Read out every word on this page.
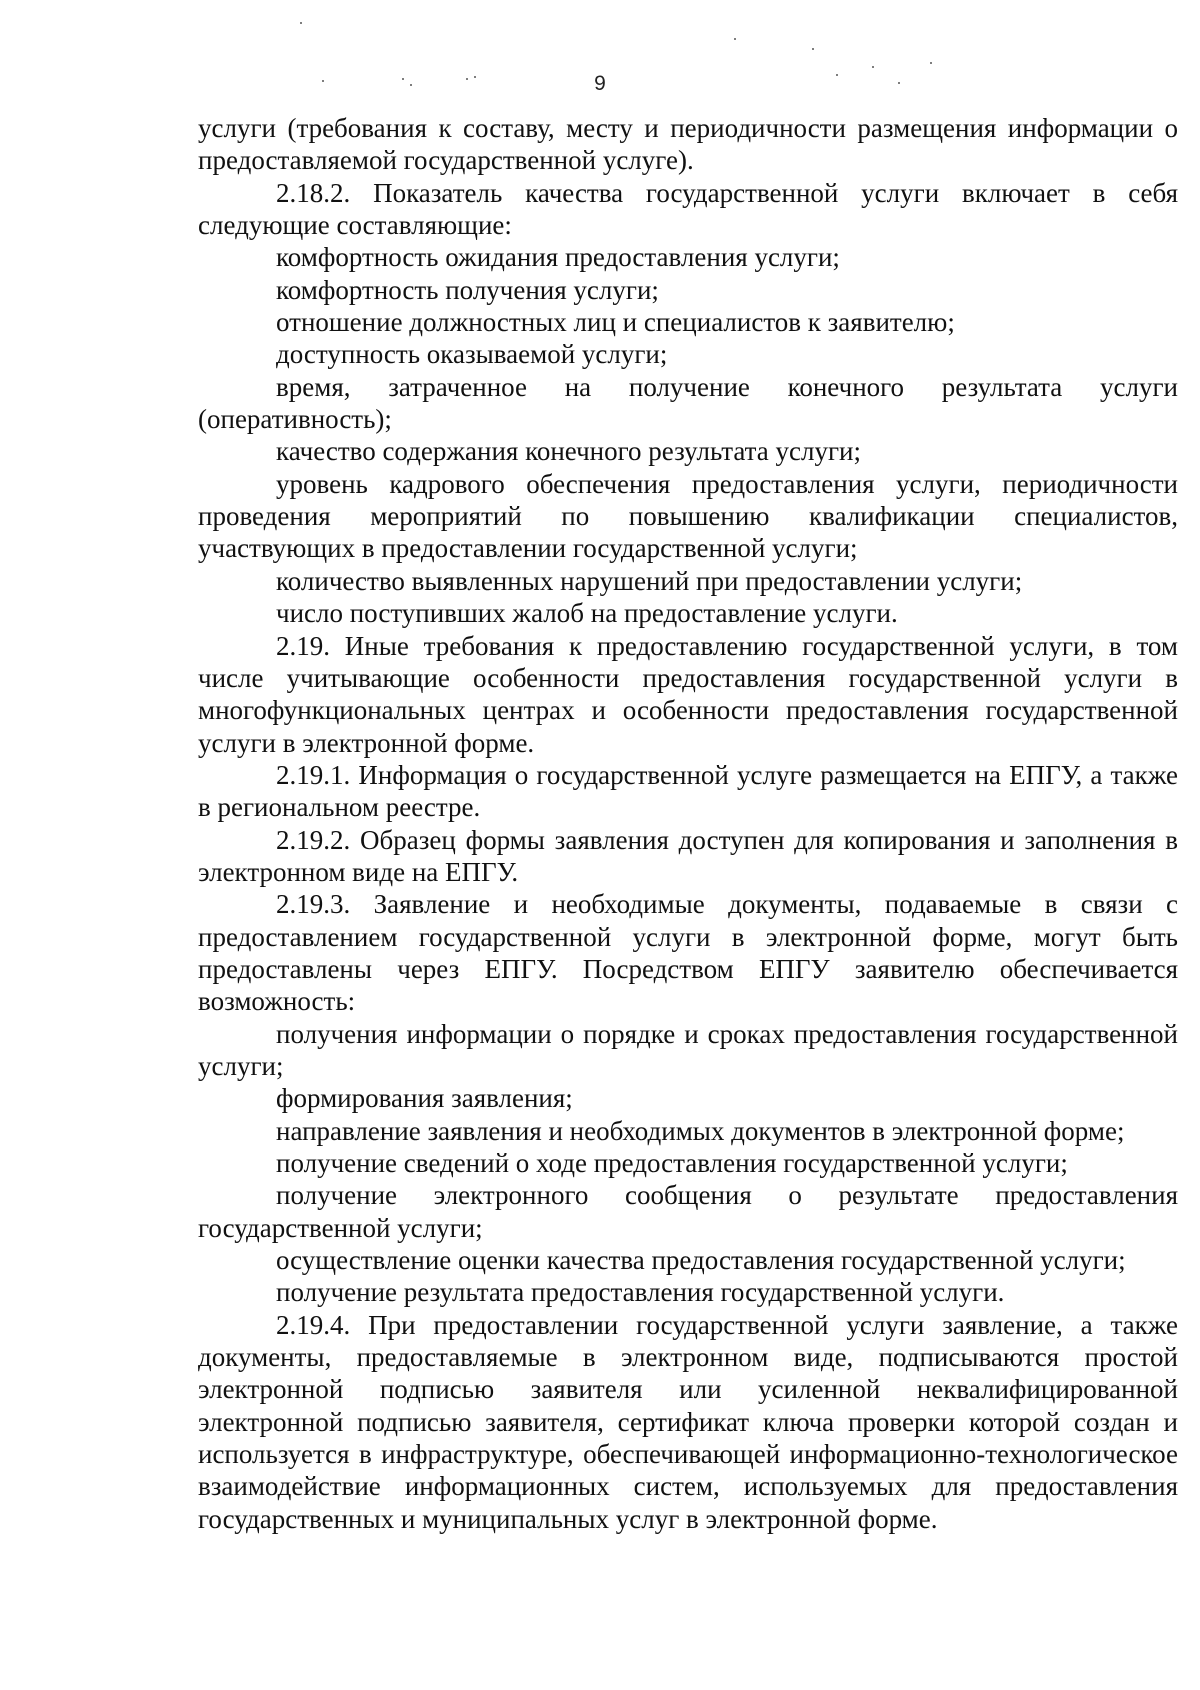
9

услуги (требования к составу, месту и периодичности размещения информации о предоставляемой государственной услуге).

2.18.2. Показатель качества государственной услуги включает в себя следующие составляющие:

комфортность ожидания предоставления услуги;

комфортность получения услуги;

отношение должностных лиц и специалистов к заявителю;

доступность оказываемой услуги;

время, затраченное на получение конечного результата услуги (оперативность);

качество содержания конечного результата услуги;

уровень кадрового обеспечения предоставления услуги, периодичности проведения мероприятий по повышению квалификации специалистов, участвующих в предоставлении государственной услуги;

количество выявленных нарушений при предоставлении услуги;

число поступивших жалоб на предоставление услуги.

2.19. Иные требования к предоставлению государственной услуги, в том числе учитывающие особенности предоставления государственной услуги в многофункциональных центрах и особенности предоставления государственной услуги в электронной форме.

2.19.1. Информация о государственной услуге размещается на ЕПГУ, а также в региональном реестре.

2.19.2. Образец формы заявления доступен для копирования и заполнения в электронном виде на ЕПГУ.

2.19.3. Заявление и необходимые документы, подаваемые в связи с предоставлением государственной услуги в электронной форме, могут быть предоставлены через ЕПГУ. Посредством ЕПГУ заявителю обеспечивается возможность:

получения информации о порядке и сроках предоставления государственной услуги;

формирования заявления;

направление заявления и необходимых документов в электронной форме;

получение сведений о ходе предоставления государственной услуги;

получение электронного сообщения о результате предоставления государственной услуги;

осуществление оценки качества предоставления государственной услуги;

получение результата предоставления государственной услуги.

2.19.4. При предоставлении государственной услуги заявление, а также документы, предоставляемые в электронном виде, подписываются простой электронной подписью заявителя или усиленной неквалифицированной электронной подписью заявителя, сертификат ключа проверки которой создан и используется в инфраструктуре, обеспечивающей информационно-технологическое взаимодействие информационных систем, используемых для предоставления государственных и муниципальных услуг в электронной форме.
